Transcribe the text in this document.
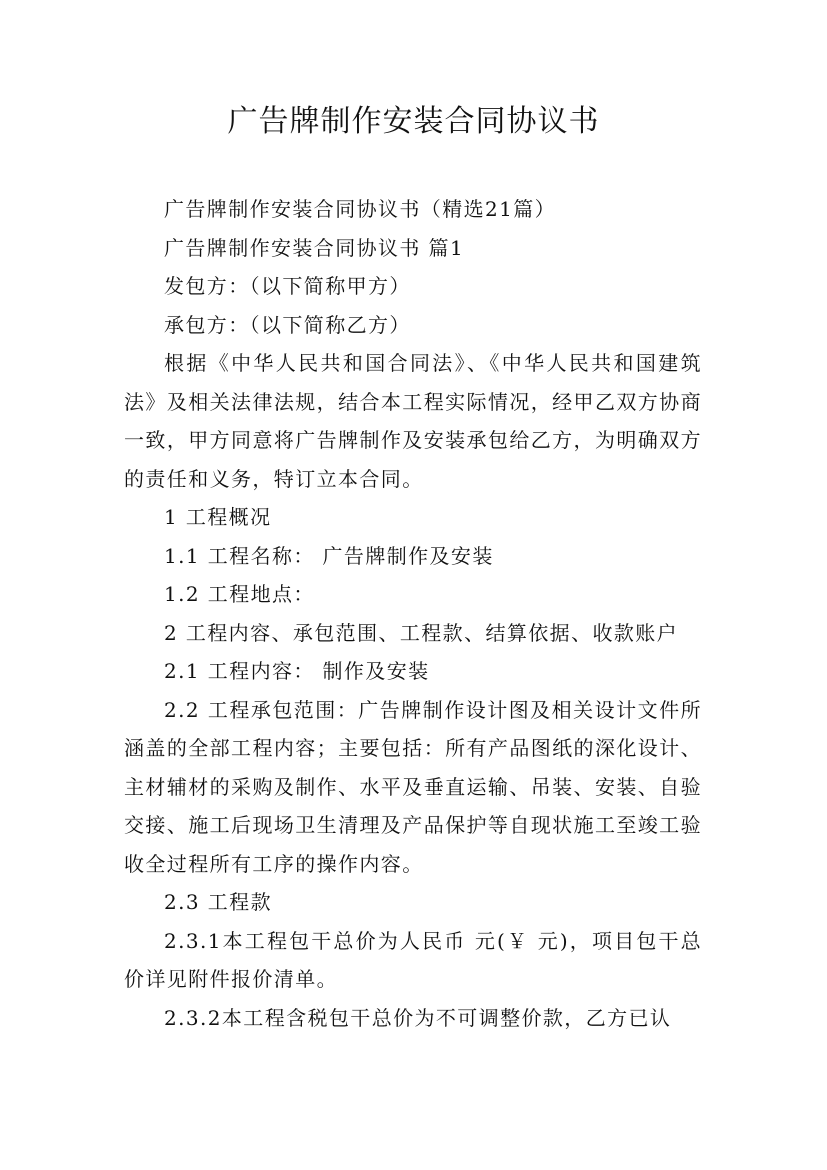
广告牌制作安装合同协议书

广告牌制作安装合同协议书（精选21篇）

广告牌制作安装合同协议书 篇1

发包方：（以下简称甲方）

承包方：（以下简称乙方）

根据《中华人民共和国合同法》、《中华人民共和国建筑法》及相关法律法规，结合本工程实际情况，经甲乙双方协商一致，甲方同意将广告牌制作及安装承包给乙方，为明确双方的责任和义务，特订立本合同。

1 工程概况

1.1 工程名称： 广告牌制作及安装

1.2 工程地点：

2 工程内容、承包范围、工程款、结算依据、收款账户

2.1 工程内容： 制作及安装

2.2 工程承包范围：广告牌制作设计图及相关设计文件所涵盖的全部工程内容；主要包括：所有产品图纸的深化设计、主材辅材的采购及制作、水平及垂直运输、吊装、安装、自验交接、施工后现场卫生清理及产品保护等自现状施工至竣工验收全过程所有工序的操作内容。

2.3 工程款

2.3.1本工程包干总价为人民币 元(￥ 元)，项目包干总价详见附件报价清单。

2.3.2本工程含税包干总价为不可调整价款，乙方已认
